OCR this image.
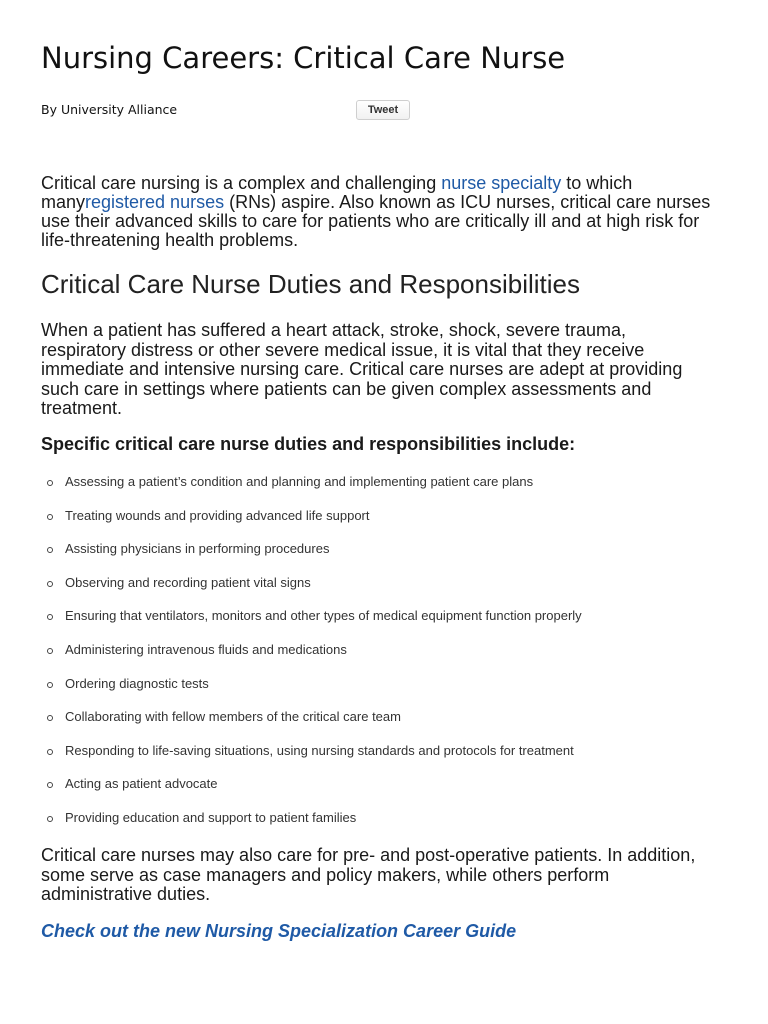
Nursing Careers: Critical Care Nurse
By University Alliance	Tweet

Critical care nursing is a complex and challenging nurse specialty to which manyregistered nurses (RNs) aspire. Also known as ICU nurses, critical care nurses use their advanced skills to care for patients who are critically ill and at high risk for life-threatening health problems.

Critical Care Nurse Duties and Responsibilities

When a patient has suffered a heart attack, stroke, shock, severe trauma, respiratory distress or other severe medical issue, it is vital that they receive immediate and intensive nursing care. Critical care nurses are adept at providing such care in settings where patients can be given complex assessments and treatment.

Specific critical care nurse duties and responsibilities include:
Assessing a patient’s condition and planning and implementing patient care plans
Treating wounds and providing advanced life support
Assisting physicians in performing procedures
Observing and recording patient vital signs
Ensuring that ventilators, monitors and other types of medical equipment function properly
Administering intravenous fluids and medications
Ordering diagnostic tests
Collaborating with fellow members of the critical care team
Responding to life-saving situations, using nursing standards and protocols for treatment
Acting as patient advocate
Providing education and support to patient families

Critical care nurses may also care for pre- and post-operative patients. In addition, some serve as case managers and policy makers, while others perform administrative duties.

Check out the new Nursing Specialization Career Guide
